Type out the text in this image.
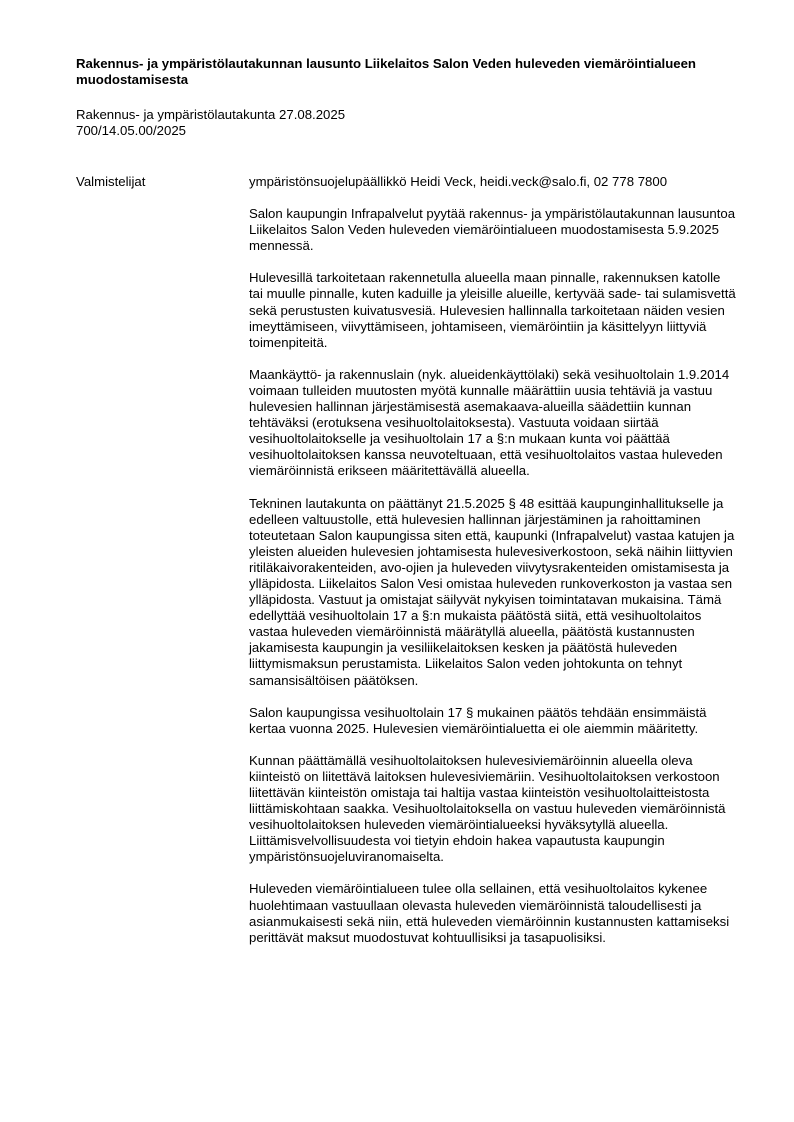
Rakennus- ja ympäristölautakunnan lausunto Liikelaitos Salon Veden huleveden viemäröintialueen muodostamisesta
Rakennus- ja ympäristölautakunta 27.08.2025
700/14.05.00/2025
Valmistelijat	ympäristönsuojelupäällikkö Heidi Veck, heidi.veck@salo.fi, 02 778 7800

Salon kaupungin Infrapalvelut pyytää rakennus- ja ympäristölautakunnan lausuntoa Liikelaitos Salon Veden huleveden viemäröintialueen muodostamisesta 5.9.2025 mennessä.

Hulevesillä tarkoitetaan rakennetulla alueella maan pinnalle, rakennuksen katolle tai muulle pinnalle, kuten kaduille ja yleisille alueille, kertyvää sade- tai sulamisvettä sekä perustusten kuivatusvesiä. Hulevesien hallinnalla tarkoitetaan näiden vesien imeyttämiseen, viivyttämiseen, johtamiseen, viemäröintiin ja käsittelyyn liittyviä toimenpiteitä.

Maankäyttö- ja rakennuslain (nyk. alueidenkäyttölaki) sekä vesihuoltolain 1.9.2014 voimaan tulleiden muutosten myötä kunnalle määrättiin uusia tehtäviä ja vastuu hulevesien hallinnan järjestämisestä asemakaava-alueilla säädettiin kunnan tehtäväksi (erotuksena vesihuoltolaitoksesta). Vastuuta voidaan siirtää vesihuoltolaitokselle ja vesihuoltolain 17 a §:n mukaan kunta voi päättää vesihuoltolaitoksen kanssa neuvoteltuaan, että vesihuoltolaitos vastaa huleveden viemäröinnistä erikseen määritettävällä alueella.

Tekninen lautakunta on päättänyt 21.5.2025 § 48 esittää kaupunginhallitukselle ja edelleen valtuustolle, että hulevesien hallinnan järjestäminen ja rahoittaminen toteutetaan Salon kaupungissa siten että, kaupunki (Infrapalvelut) vastaa katujen ja yleisten alueiden hulevesien johtamisesta hulevesiverkostoon, sekä näihin liittyvien ritiläkaivorakenteiden, avo-ojien ja huleveden viivytysrakenteiden omistamisesta ja ylläpidosta. Liikelaitos Salon Vesi omistaa huleveden runkoverkoston ja vastaa sen ylläpidosta. Vastuut ja omistajat säilyvät nykyisen toimintatavan mukaisina. Tämä edellyttää vesihuoltolain 17 a §:n mukaista päätöstä siitä, että vesihuoltolaitos vastaa huleveden viemäröinnistä määrätyllä alueella, päätöstä kustannusten jakamisesta kaupungin ja vesiliikelaitoksen kesken ja päätöstä huleveden liittymismaksun perustamista. Liikelaitos Salon veden johtokunta on tehnyt samansisältöisen päätöksen.

Salon kaupungissa vesihuoltolain 17 § mukainen päätös tehdään ensimmäistä kertaa vuonna 2025. Hulevesien viemäröintialuetta ei ole aiemmin määritetty.

Kunnan päättämällä vesihuoltolaitoksen hulevesiviemäröinnin alueella oleva kiinteistö on liitettävä laitoksen hulevesiviemäriin. Vesihuoltolaitoksen verkostoon liitettävän kiinteistön omistaja tai haltija vastaa kiinteistön vesihuoltolaitteistosta liittämiskohtaan saakka. Vesihuoltolaitoksella on vastuu huleveden viemäröinnistä vesihuoltolaitoksen huleveden viemäröintialueeksi hyväksytyllä alueella. Liittämisvelvollisuudesta voi tietyin ehdoin hakea vapautusta kaupungin ympäristönsuojeluviranomaiselta.

Huleveden viemäröintialueen tulee olla sellainen, että vesihuoltolaitos kykenee huolehtimaan vastuullaan olevasta huleveden viemäröinnistä taloudellisesti ja asianmukaisesti sekä niin, että huleveden viemäröinnin kustannusten kattamiseksi perittävät maksut muodostuvat kohtuullisiksi ja tasapuolisiksi.
